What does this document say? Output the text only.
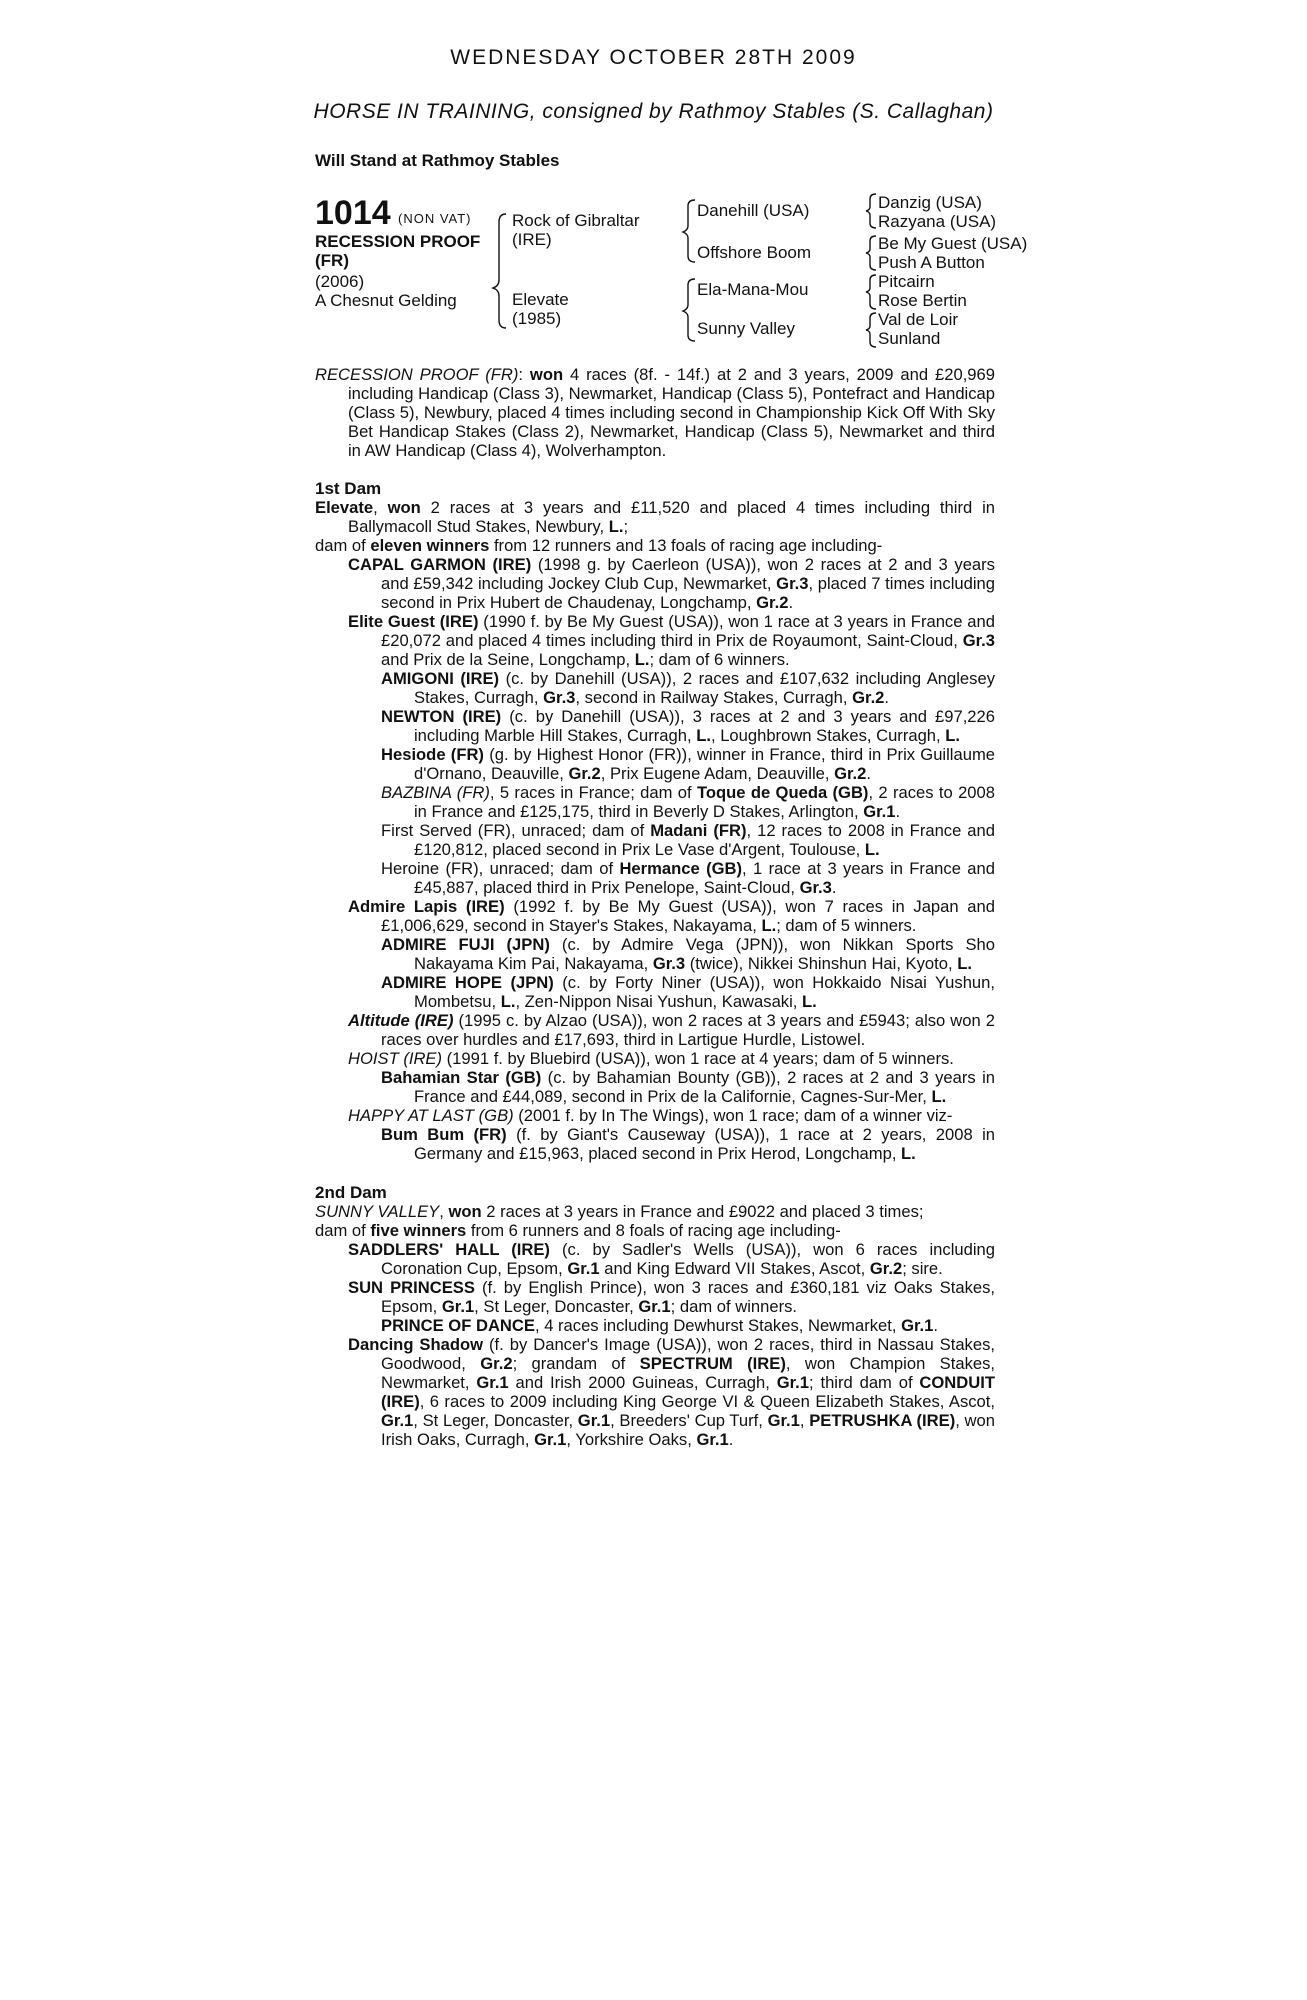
WEDNESDAY OCTOBER 28TH 2009
HORSE IN TRAINING, consigned by Rathmoy Stables (S. Callaghan)
Will Stand at Rathmoy Stables
1014 (NON VAT)
RECESSION PROOF (FR)
(2006)
A Chesnut Gelding
Rock of Gibraltar
(IRE)
Elevate
(1985)
Danehill (USA)
Offshore Boom
Ela-Mana-Mou
Sunny Valley
Danzig (USA)
Razyana (USA)
Be My Guest (USA)
Push A Button
Pitcairn
Rose Bertin
Val de Loir
Sunland

RECESSION PROOF (FR): won 4 races (8f. - 14f.) at 2 and 3 years, 2009 and £20,969 including Handicap (Class 3), Newmarket, Handicap (Class 5), Pontefract and Handicap (Class 5), Newbury, placed 4 times including second in Championship Kick Off With Sky Bet Handicap Stakes (Class 2), Newmarket, Handicap (Class 5), Newmarket and third in AW Handicap (Class 4), Wolverhampton.

1st Dam

Elevate, won 2 races at 3 years and £11,520 and placed 4 times including third in Ballymacoll Stud Stakes, Newbury, L.;

dam of eleven winners from 12 runners and 13 foals of racing age including-

CAPAL GARMON (IRE) (1998 g. by Caerleon (USA)), won 2 races at 2 and 3 years and £59,342 including Jockey Club Cup, Newmarket, Gr.3, placed 7 times including second in Prix Hubert de Chaudenay, Longchamp, Gr.2.

Elite Guest (IRE) (1990 f. by Be My Guest (USA)), won 1 race at 3 years in France and £20,072 and placed 4 times including third in Prix de Royaumont, Saint-Cloud, Gr.3 and Prix de la Seine, Longchamp, L.; dam of 6 winners.

AMIGONI (IRE) (c. by Danehill (USA)), 2 races and £107,632 including Anglesey Stakes, Curragh, Gr.3, second in Railway Stakes, Curragh, Gr.2.

NEWTON (IRE) (c. by Danehill (USA)), 3 races at 2 and 3 years and £97,226 including Marble Hill Stakes, Curragh, L., Loughbrown Stakes, Curragh, L.

Hesiode (FR) (g. by Highest Honor (FR)), winner in France, third in Prix Guillaume d'Ornano, Deauville, Gr.2, Prix Eugene Adam, Deauville, Gr.2.

BAZBINA (FR), 5 races in France; dam of Toque de Queda (GB), 2 races to 2008 in France and £125,175, third in Beverly D Stakes, Arlington, Gr.1.

First Served (FR), unraced; dam of Madani (FR), 12 races to 2008 in France and £120,812, placed second in Prix Le Vase d'Argent, Toulouse, L.

Heroine (FR), unraced; dam of Hermance (GB), 1 race at 3 years in France and £45,887, placed third in Prix Penelope, Saint-Cloud, Gr.3.

Admire Lapis (IRE) (1992 f. by Be My Guest (USA)), won 7 races in Japan and £1,006,629, second in Stayer's Stakes, Nakayama, L.; dam of 5 winners.

ADMIRE FUJI (JPN) (c. by Admire Vega (JPN)), won Nikkan Sports Sho Nakayama Kim Pai, Nakayama, Gr.3 (twice), Nikkei Shinshun Hai, Kyoto, L.

ADMIRE HOPE (JPN) (c. by Forty Niner (USA)), won Hokkaido Nisai Yushun, Mombetsu, L., Zen-Nippon Nisai Yushun, Kawasaki, L.

Altitude (IRE) (1995 c. by Alzao (USA)), won 2 races at 3 years and £5943; also won 2 races over hurdles and £17,693, third in Lartigue Hurdle, Listowel.

HOIST (IRE) (1991 f. by Bluebird (USA)), won 1 race at 4 years; dam of 5 winners.

Bahamian Star (GB) (c. by Bahamian Bounty (GB)), 2 races at 2 and 3 years in France and £44,089, second in Prix de la Californie, Cagnes-Sur-Mer, L.

HAPPY AT LAST (GB) (2001 f. by In The Wings), won 1 race; dam of a winner viz-

Bum Bum (FR) (f. by Giant's Causeway (USA)), 1 race at 2 years, 2008 in Germany and £15,963, placed second in Prix Herod, Longchamp, L.

2nd Dam

SUNNY VALLEY, won 2 races at 3 years in France and £9022 and placed 3 times;

dam of five winners from 6 runners and 8 foals of racing age including-

SADDLERS' HALL (IRE) (c. by Sadler's Wells (USA)), won 6 races including Coronation Cup, Epsom, Gr.1 and King Edward VII Stakes, Ascot, Gr.2; sire.

SUN PRINCESS (f. by English Prince), won 3 races and £360,181 viz Oaks Stakes, Epsom, Gr.1, St Leger, Doncaster, Gr.1; dam of winners.

PRINCE OF DANCE, 4 races including Dewhurst Stakes, Newmarket, Gr.1.

Dancing Shadow (f. by Dancer's Image (USA)), won 2 races, third in Nassau Stakes, Goodwood, Gr.2; grandam of SPECTRUM (IRE), won Champion Stakes, Newmarket, Gr.1 and Irish 2000 Guineas, Curragh, Gr.1; third dam of CONDUIT (IRE), 6 races to 2009 including King George VI & Queen Elizabeth Stakes, Ascot, Gr.1, St Leger, Doncaster, Gr.1, Breeders' Cup Turf, Gr.1, PETRUSHKA (IRE), won Irish Oaks, Curragh, Gr.1, Yorkshire Oaks, Gr.1.
